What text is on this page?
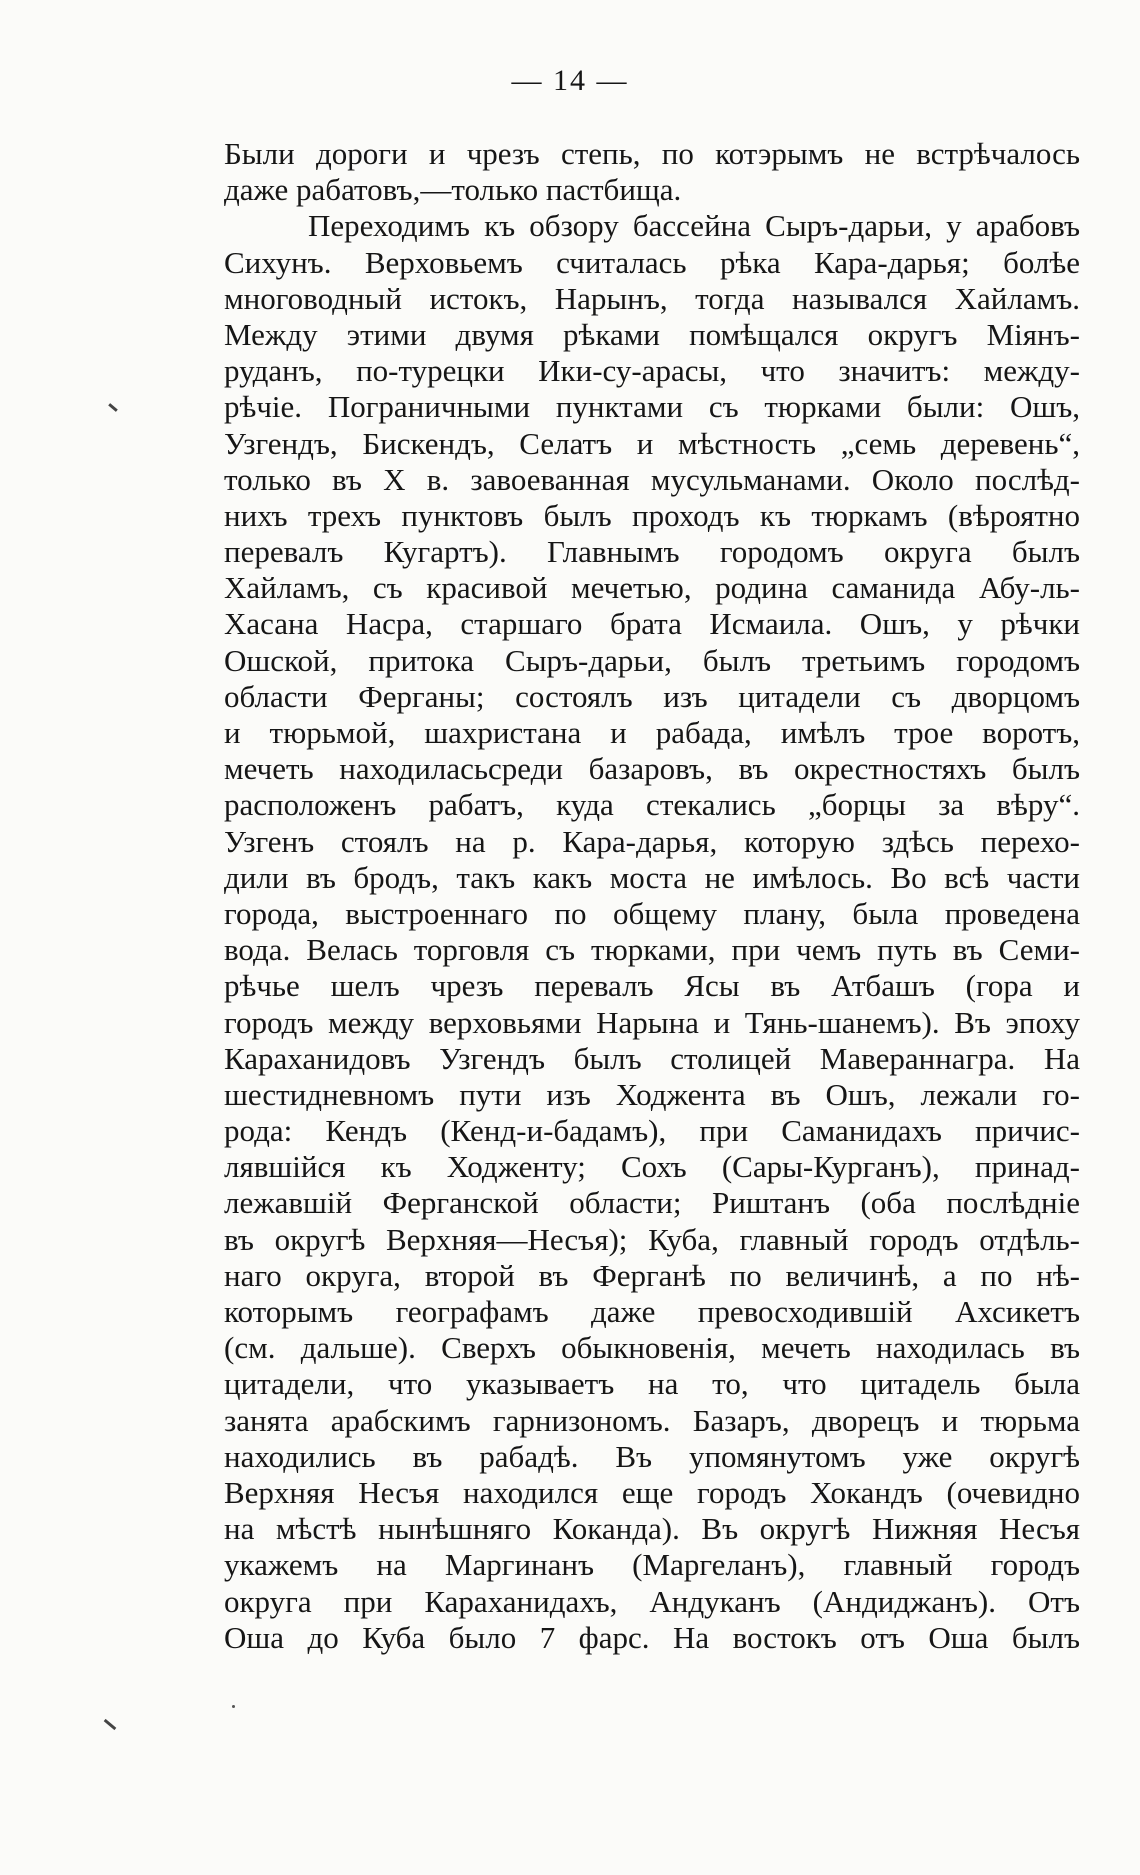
— 14 —
Были дороги и чрезъ степь, по котэрымъ не встрѣчалось
даже рабатовъ,—только пастбища.
Переходимъ къ обзору бассейна Сыръ-дарьи, у арабовъ
Сихунъ. Верховьемъ считалась рѣка Кара-дарья; болѣе
многоводный истокъ, Нарынъ, тогда назывался Хайламъ.
Между этими двумя рѣками помѣщался округъ Міянъ-
руданъ, по-турецки Ики-су-арасы, что значитъ: между-
рѣчіе. Пограничными пунктами съ тюрками были: Ошъ,
Узгендъ, Бискендъ, Селатъ и мѣстность „семь деревень“,
только въ X в. завоеванная мусульманами. Около послѣд-
нихъ трехъ пунктовъ былъ проходъ къ тюркамъ (вѣроятно
перевалъ Кугартъ). Главнымъ городомъ округа былъ
Хайламъ, съ красивой мечетью, родина саманида Абу-ль-
Хасана Насра, старшаго брата Исмаила. Ошъ, у рѣчки
Ошской, притока Сыръ-дарьи, былъ третьимъ городомъ
области Ферганы; состоялъ изъ цитадели съ дворцомъ
и тюрьмой, шахристана и рабада, имѣлъ трое воротъ,
мечеть находиласьсреди базаровъ, въ окрестностяхъ былъ
расположенъ рабатъ, куда стекались „борцы за вѣру“.
Узгенъ стоялъ на р. Кара-дарья, которую здѣсь перехо-
дили въ бродъ, такъ какъ моста не имѣлось. Во всѣ части
города, выстроеннаго по общему плану, была проведена
вода. Велась торговля съ тюрками, при чемъ путь въ Семи-
рѣчье шелъ чрезъ перевалъ Ясы въ Атбашъ (гора и
городъ между верховьями Нарына и Тянь-шанемъ). Въ эпоху
Караханидовъ Узгендъ былъ столицей Мавераннагра. На
шестидневномъ пути изъ Ходжента въ Ошъ, лежали го-
рода: Кендъ (Кенд-и-бадамъ), при Саманидахъ причис-
лявшійся къ Ходженту; Сохъ (Сары-Курганъ), принад-
лежавшій Ферганской области; Риштанъ (оба послѣдніе
въ округѣ Верхняя—Несъя); Куба, главный городъ отдѣль-
наго округа, второй въ Ферганѣ по величинѣ, а по нѣ-
которымъ географамъ даже превосходившій Ахсикетъ
(см. дальше). Сверхъ обыкновенія, мечеть находилась въ
цитадели, что указываетъ на то, что цитадель была
занята арабскимъ гарнизономъ. Базаръ, дворецъ и тюрьма
находились въ рабадѣ. Въ упомянутомъ уже округѣ
Верхняя Несъя находился еще городъ Хокандъ (очевидно
на мѣстѣ нынѣшняго Коканда). Въ округѣ Нижняя Несъя
укажемъ на Маргинанъ (Маргеланъ), главный городъ
округа при Караханидахъ, Андуканъ (Андиджанъ). Отъ
Оша до Куба было 7 фарс. На востокъ отъ Оша былъ
